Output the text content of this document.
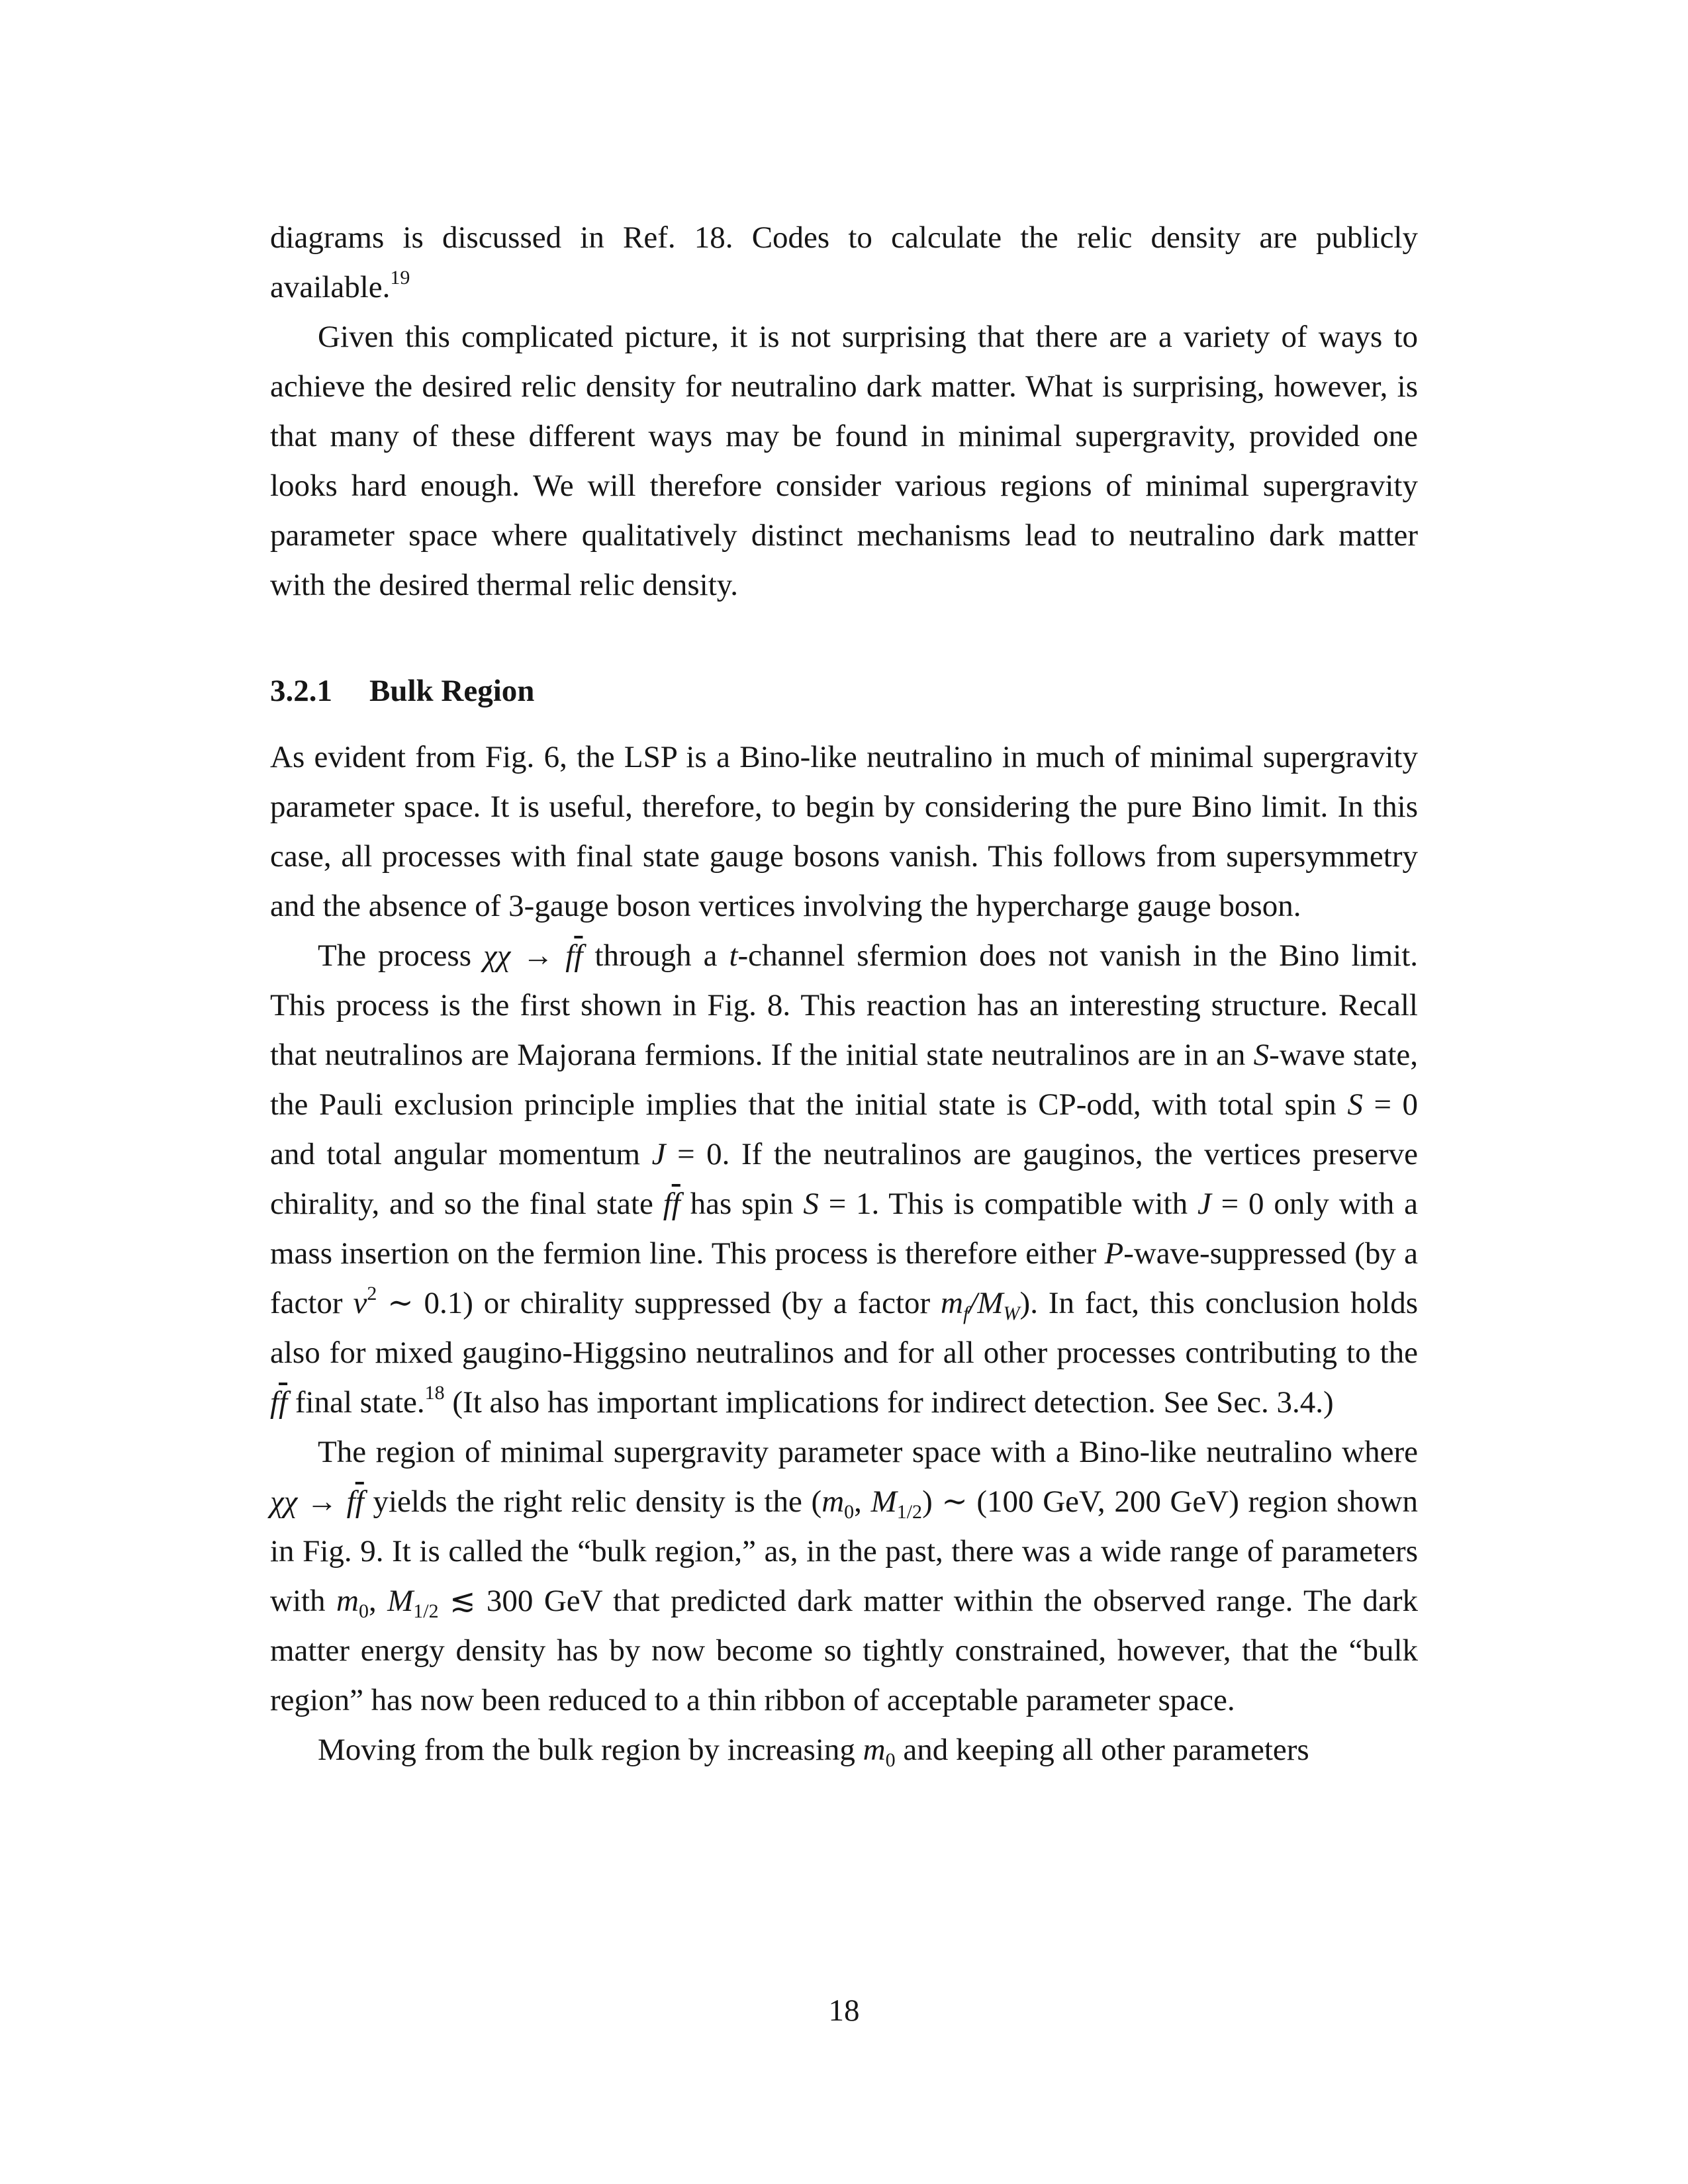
diagrams is discussed in Ref. 18. Codes to calculate the relic density are publicly available.$^{19}$

Given this complicated picture, it is not surprising that there are a variety of ways to achieve the desired relic density for neutralino dark matter. What is surprising, however, is that many of these different ways may be found in minimal supergravity, provided one looks hard enough. We will therefore consider various regions of minimal supergravity parameter space where qualitatively distinct mechanisms lead to neutralino dark matter with the desired thermal relic density.

3.2.1 Bulk Region

As evident from Fig. 6, the LSP is a Bino-like neutralino in much of minimal supergravity parameter space. It is useful, therefore, to begin by considering the pure Bino limit. In this case, all processes with final state gauge bosons vanish. This follows from supersymmetry and the absence of 3-gauge boson vertices involving the hypercharge gauge boson.

The process $\chi\chi \to f\overline{f}$ through a t-channel sfermion does not vanish in the Bino limit. This process is the first shown in Fig. 8. This reaction has an interesting structure. Recall that neutralinos are Majorana fermions. If the initial state neutralinos are in an S-wave state, the Pauli exclusion principle implies that the initial state is CP-odd, with total spin S = 0 and total angular momentum J = 0. If the neutralinos are gauginos, the vertices preserve chirality, and so the final state $f\overline{f}$ has spin S = 1. This is compatible with J = 0 only with a mass insertion on the fermion line. This process is therefore either P-wave-suppressed (by a factor $v^2$ ∼ 0.1) or chirality suppressed (by a factor $m_f/M_W$). In fact, this conclusion holds also for mixed gaugino-Higgsino neutralinos and for all other processes contributing to the $f\overline{f}$ final state.$^{18}$ (It also has important implications for indirect detection. See Sec. 3.4.)

The region of minimal supergravity parameter space with a Bino-like neutralino where $\chi\chi \to f\overline{f}$ yields the right relic density is the ($m_0$, $M_{1/2}$) ∼ (100 GeV, 200 GeV) region shown in Fig. 9. It is called the “bulk region,” as, in the past, there was a wide range of parameters with $m_0$, $M_{1/2}$ ≲ 300 GeV that predicted dark matter within the observed range. The dark matter energy density has by now become so tightly constrained, however, that the “bulk region” has now been reduced to a thin ribbon of acceptable parameter space.

Moving from the bulk region by increasing $m_0$ and keeping all other parameters

18
